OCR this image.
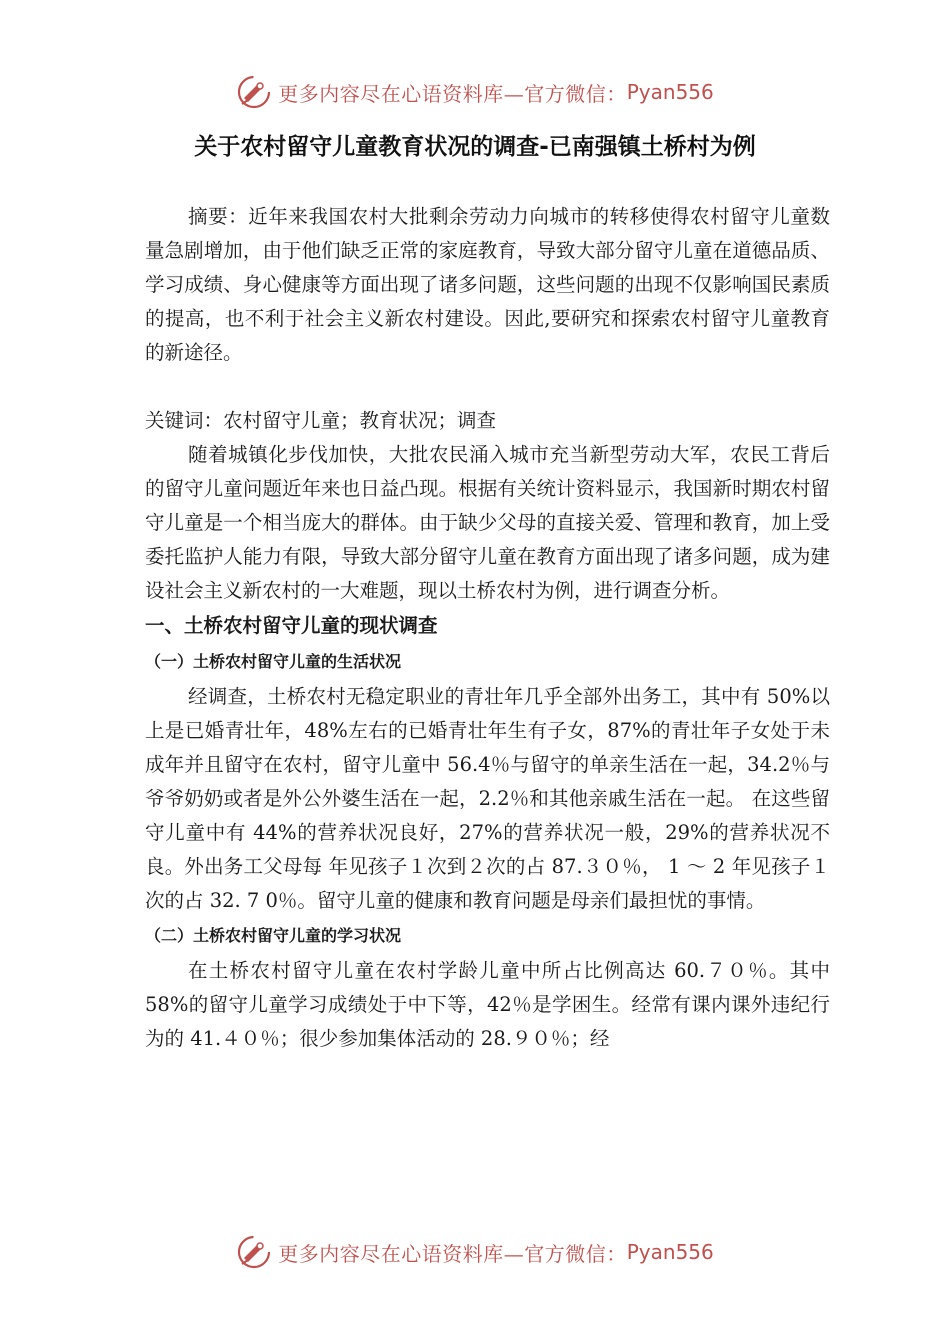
更多内容尽在心语资料库—官方微信： Pyan556
关于农村留守儿童教育状况的调查-已南强镇土桥村为例

摘要：近年来我国农村大批剩余劳动力向城市的转移使得农村留守儿童数量急剧增加，由于他们缺乏正常的家庭教育，导致大部分留守儿童在道德品质、学习成绩、身心健康等方面出现了诸多问题，这些问题的出现不仅影响国民素质的提高，也不利于社会主义新农村建设。因此,要研究和探索农村留守儿童教育的新途径。

关键词：农村留守儿童；教育状况；调查

随着城镇化步伐加快，大批农民涌入城市充当新型劳动大军，农民工背后的留守儿童问题近年来也日益凸现。根据有关统计资料显示，我国新时期农村留守儿童是一个相当庞大的群体。由于缺少父母的直接关爱、管理和教育，加上受委托监护人能力有限，导致大部分留守儿童在教育方面出现了诸多问题，成为建设社会主义新农村的一大难题，现以土桥农村为例，进行调查分析。

一、土桥农村留守儿童的现状调查
（一）土桥农村留守儿童的生活状况

经调查，土桥农村无稳定职业的青壮年几乎全部外出务工，其中有 50%以上是已婚青壮年，48%左右的已婚青壮年生有子女，87%的青壮年子女处于未成年并且留守在农村，留守儿童中 56.4％与留守的单亲生活在一起，34.2％与爷爷奶奶或者是外公外婆生活在一起，2.2％和其他亲戚生活在一起。 在这些留守儿童中有 44%的营养状况良好，27%的营养状况一般，29%的营养状况不良。外出务工父母每 年见孩子１次到２次的占 87.３０％， 1 ～ 2 年见孩子１次的占 32. 7 0％。留守儿童的健康和教育问题是母亲们最担忧的事情。

（二）土桥农村留守儿童的学习状况

在土桥农村留守儿童在农村学龄儿童中所占比例高达 60.７０％。其中 58%的留守儿童学习成绩处于中下等，42％是学困生。经常有课内课外违纪行为的 41.４０％；很少参加集体活动的 28.９０％；经

更多内容尽在心语资料库—官方微信： Pyan556
